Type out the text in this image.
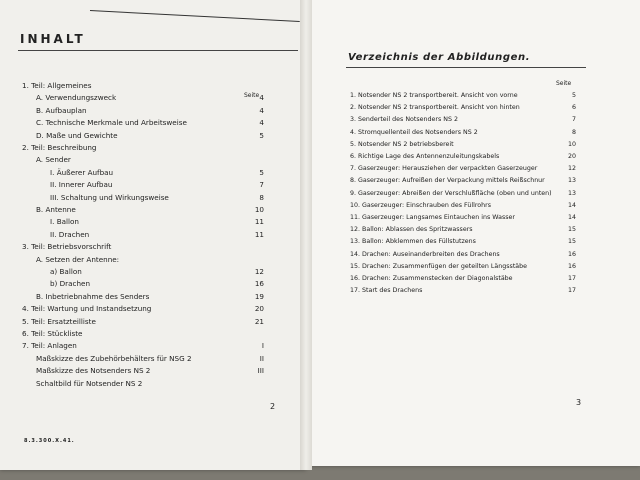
INHALT
Seite
1. Teil: Allgemeines
A. Verwendungszweck	4
B. Aufbauplan	4
C. Technische Merkmale und Arbeitsweise	4
D. Maße und Gewichte	5
2. Teil: Beschreibung
A. Sender
I. Äußerer Aufbau	5
II. Innerer Aufbau	7
III. Schaltung und Wirkungsweise	8
B. Antenne	10
I. Ballon	11
II. Drachen	11
3. Teil: Betriebsvorschrift
A. Setzen der Antenne:
a) Ballon	12
b) Drachen	16
B. Inbetriebnahme des Senders	19
4. Teil: Wartung und Instandsetzung	20
5. Teil: Ersatzteilliste	21
6. Teil: Stückliste
7. Teil: Anlagen	I
Maßskizze des Zubehörbehälters für NSG 2	II
Maßskizze des Notsenders NS 2	III
Schaltbild für Notsender NS 2
2
8.3.300.X.41.
Verzeichnis der Abbildungen.
Seite
1. Notsender NS 2 transportbereit. Ansicht von vorne	5
2. Notsender NS 2 transportbereit. Ansicht von hinten	6
3. Senderteil des Notsenders NS 2	7
4. Stromquellenteil des Notsenders NS 2	8
5. Notsender NS 2 betriebsbereit	10
6. Richtige Lage des Antennenzuleitungskabels	20
7. Gaserzeuger: Herausziehen der verpackten Gaserzeuger	12
8. Gaserzeuger: Aufreißen der Verpackung mittels Reißschnur	13
9. Gaserzeuger: Abreißen der Verschlußfläche (oben und unten)	13
10. Gaserzeuger: Einschrauben des Füllrohrs	14
11. Gaserzeuger: Langsames Eintauchen ins Wasser	14
12. Ballon: Ablassen des Spritzwassers	15
13. Ballon: Abklemmen des Füllstutzens	15
14. Drachen: Auseinanderbreiten des Drachens	16
15. Drachen: Zusammenfügen der geteilten Längsstäbe	16
16. Drachen: Zusammenstecken der Diagonalstäbe	17
17. Start des Drachens	17
3
